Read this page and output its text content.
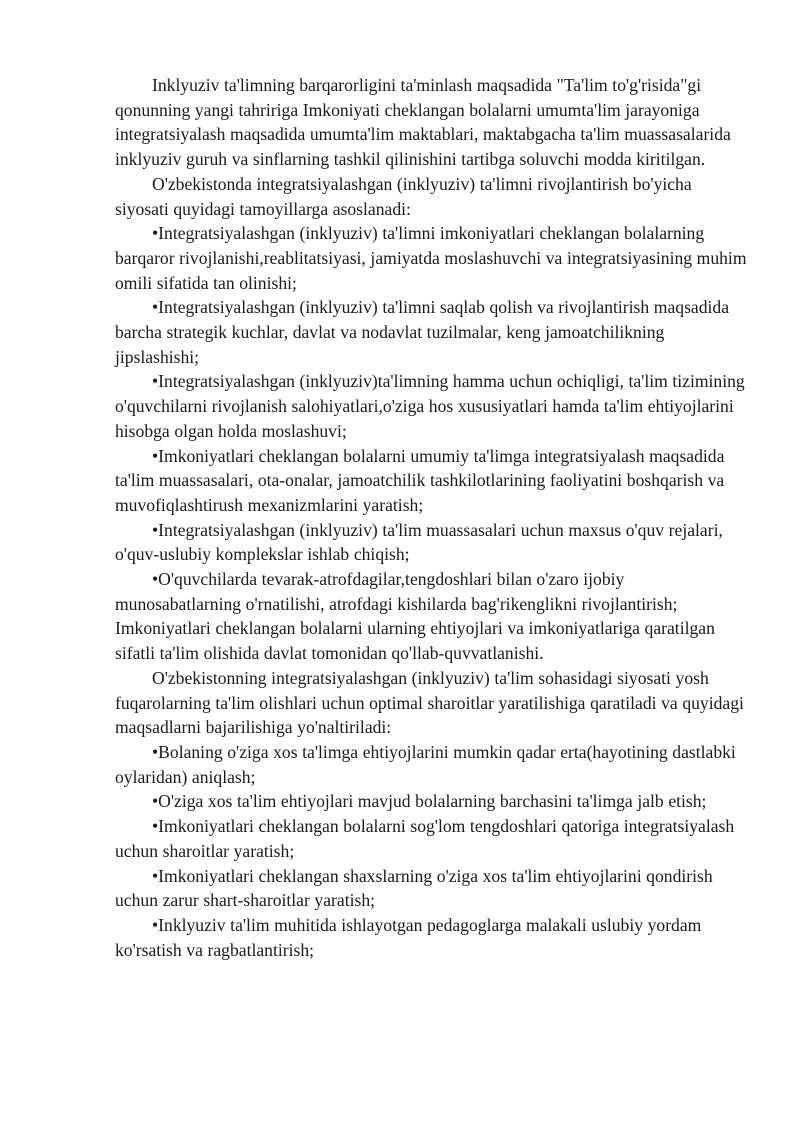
Inklyuziv ta'limning barqarorligini ta'minlash maqsadida "Ta'lim to'g'risida"gi qonunning yangi tahririga Imkoniyati cheklangan bolalarni umumta'lim jarayoniga integratsiyalash maqsadida umumta'lim maktablari, maktabgacha ta'lim muassasalarida inklyuziv guruh va sinflarning tashkil qilinishini tartibga soluvchi modda kiritilgan.

O'zbekistonda integratsiyalashgan (inklyuziv) ta'limni rivojlantirish bo'yicha siyosati quyidagi tamoyillarga asoslanadi:

•Integratsiyalashgan (inklyuziv) ta'limni imkoniyatlari cheklangan bolalarning barqaror rivojlanishi,reablitatsiyasi, jamiyatda moslashuvchi va integratsiyasining muhim omili sifatida tan olinishi;

•Integratsiyalashgan (inklyuziv) ta'limni saqlab qolish va rivojlantirish maqsadida barcha strategik kuchlar, davlat va nodavlat tuzilmalar, keng jamoatchilikning jipslashishi;

•Integratsiyalashgan (inklyuziv)ta'limning hamma uchun ochiqligi, ta'lim tizimining o'quvchilarni rivojlanish salohiyatlari,o'ziga hos xususiyatlari hamda ta'lim ehtiyojlarini hisobga olgan holda moslashuvi;

•Imkoniyatlari cheklangan bolalarni umumiy ta'limga integratsiyalash maqsadida ta'lim muassasalari, ota-onalar, jamoatchilik tashkilotlarining faoliyatini boshqarish va muvofiqlashtirush mexanizmlarini yaratish;

•Integratsiyalashgan (inklyuziv) ta'lim muassasalari uchun maxsus o'quv rejalari, o'quv-uslubiy komplekslar ishlab chiqish;

•O'quvchilarda tevarak-atrofdagilar,tengdoshlari bilan o'zaro ijobiy munosabatlarning o'rnatilishi, atrofdagi kishilarda bag'rikenglikni rivojlantirish; Imkoniyatlari cheklangan bolalarni ularning ehtiyojlari va imkoniyatlariga qaratilgan sifatli ta'lim olishida davlat tomonidan qo'llab-quvvatlanishi.

O'zbekistonning integratsiyalashgan (inklyuziv) ta'lim sohasidagi siyosati yosh fuqarolarning ta'lim olishlari uchun optimal sharoitlar yaratilishiga qaratiladi va quyidagi maqsadlarni bajarilishiga yo'naltiriladi:

•Bolaning o'ziga xos ta'limga ehtiyojlarini mumkin qadar erta(hayotining dastlabki oylaridan) aniqlash;

•O'ziga xos ta'lim ehtiyojlari mavjud bolalarning barchasini ta'limga jalb etish;

•Imkoniyatlari cheklangan bolalarni sog'lom tengdoshlari qatoriga integratsiyalash uchun sharoitlar yaratish;

•Imkoniyatlari cheklangan shaxslarning o'ziga xos ta'lim ehtiyojlarini qondirish uchun zarur shart-sharoitlar yaratish;

•Inklyuziv ta'lim muhitida ishlayotgan pedagoglarga malakali uslubiy yordam ko'rsatish va ragbatlantirish;
